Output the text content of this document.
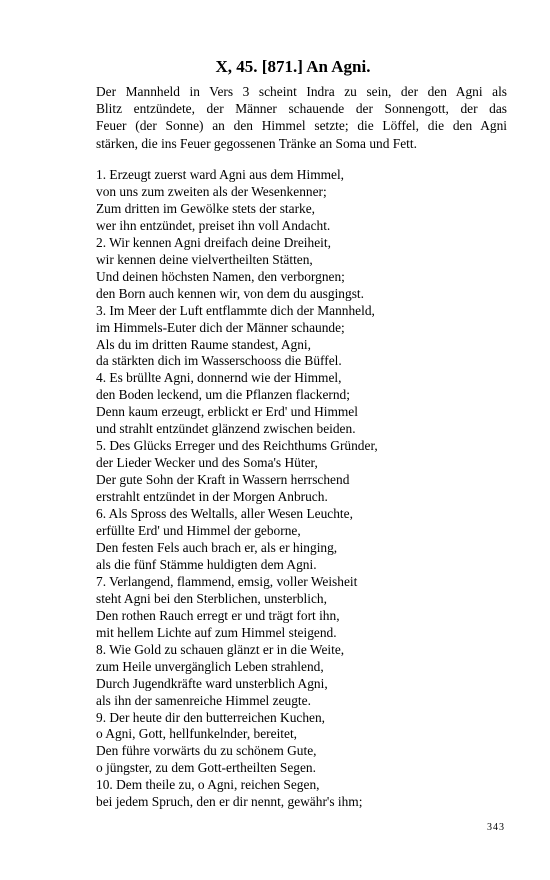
X, 45. [871.] An Agni.
Der Mannheld in Vers 3 scheint Indra zu sein, der den Agni als
Blitz entzündete, der Männer schauende der Sonnengott, der das
Feuer (der Sonne) an den Himmel setzte; die Löffel, die den Agni
stärken, die ins Feuer gegossenen Tränke an Soma und Fett.
1. Erzeugt zuerst ward Agni aus dem Himmel,
von uns zum zweiten als der Wesenkenner;
Zum dritten im Gewölke stets der starke,
wer ihn entzündet, preiset ihn voll Andacht.
2. Wir kennen Agni dreifach deine Dreiheit,
wir kennen deine vielvertheilten Stätten,
Und deinen höchsten Namen, den verborgnen;
den Born auch kennen wir, von dem du ausgingst.
3. Im Meer der Luft entflammte dich der Mannheld,
im Himmels-Euter dich der Männer schaunde;
Als du im dritten Raume standest, Agni,
da stärkten dich im Wasserschooss die Büffel.
4. Es brüllte Agni, donnernd wie der Himmel,
den Boden leckend, um die Pflanzen flackernd;
Denn kaum erzeugt, erblickt er Erd' und Himmel
und strahlt entzündet glänzend zwischen beiden.
5. Des Glücks Erreger und des Reichthums Gründer,
der Lieder Wecker und des Soma's Hüter,
Der gute Sohn der Kraft in Wassern herrschend
erstrahlt entzündet in der Morgen Anbruch.
6. Als Spross des Weltalls, aller Wesen Leuchte,
erfüllte Erd' und Himmel der geborne,
Den festen Fels auch brach er, als er hinging,
als die fünf Stämme huldigten dem Agni.
7. Verlangend, flammend, emsig, voller Weisheit
steht Agni bei den Sterblichen, unsterblich,
Den rothen Rauch erregt er und trägt fort ihn,
mit hellem Lichte auf zum Himmel steigend.
8. Wie Gold zu schauen glänzt er in die Weite,
zum Heile unvergänglich Leben strahlend,
Durch Jugendkräfte ward unsterblich Agni,
als ihn der samenreiche Himmel zeugte.
9. Der heute dir den butterreichen Kuchen,
o Agni, Gott, hellfunkelnder, bereitet,
Den führe vorwärts du zu schönem Gute,
o jüngster, zu dem Gott-ertheilten Segen.
10. Dem theile zu, o Agni, reichen Segen,
bei jedem Spruch, den er dir nennt, gewähr's ihm;
343
